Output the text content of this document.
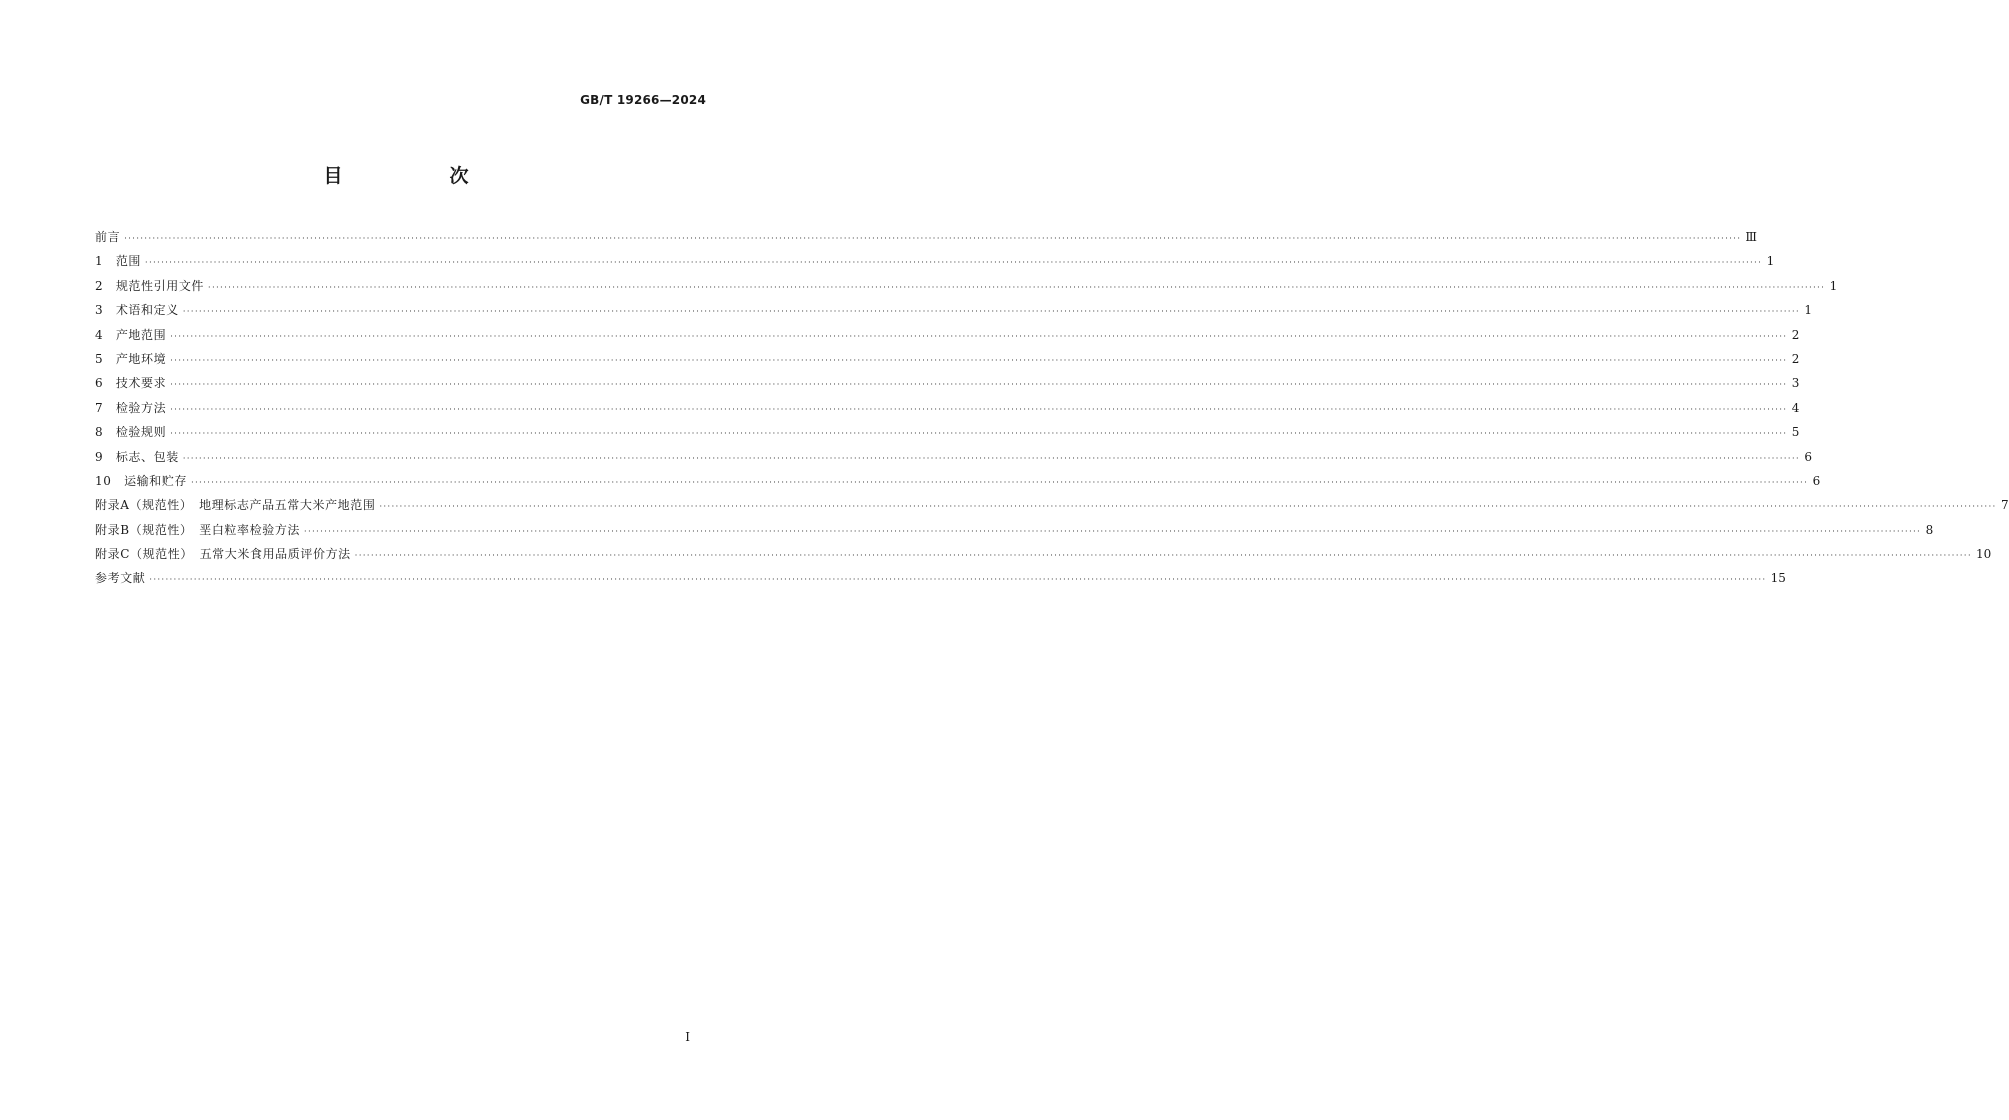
GB/T 19266—2024
目　次
前言 ················································································································································································································································································································································································································ Ⅲ
1　范围 ················································································································································································································································································································································································································ 1
2　规范性引用文件 ················································································································································································································································································································································································································ 1
3　术语和定义 ················································································································································································································································································································································································································ 1
4　产地范围 ················································································································································································································································································································································································································ 2
5　产地环境 ················································································································································································································································································································································································································ 2
6　技术要求 ················································································································································································································································································································································································································ 3
7　检验方法 ················································································································································································································································································································································································································ 4
8　检验规则 ················································································································································································································································································································································································································ 5
9　标志、包装 ················································································································································································································································································································································································································ 6
10　运输和贮存 ················································································································································································································································································································································································································ 6
附录A（规范性）　地理标志产品五常大米产地范围 ················································································································································································································································································································································································································ 7
附录B（规范性）　垩白粒率检验方法 ················································································································································································································································································································································································································ 8
附录C（规范性）　五常大米食用品质评价方法 ················································································································································································································································································································································································································ 10
参考文献 ················································································································································································································································································································································································································ 15
Ⅰ
